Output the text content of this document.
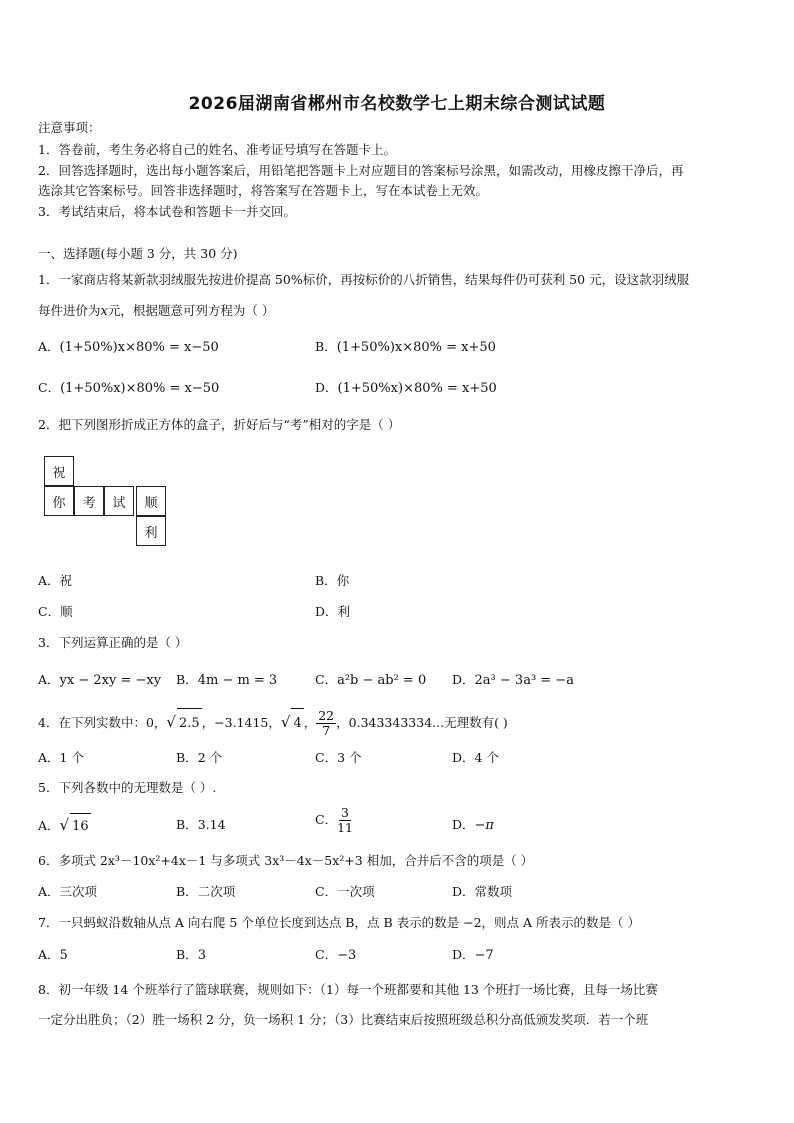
2026届湖南省郴州市名校数学七上期末综合测试试题
注意事项：
1．答卷前，考生务必将自己的姓名、准考证号填写在答题卡上。
2．回答选择题时，选出每小题答案后，用铅笔把答题卡上对应题目的答案标号涂黑，如需改动，用橡皮擦干净后，再
选涂其它答案标号。回答非选择题时，将答案写在答题卡上，写在本试卷上无效。
3．考试结束后，将本试卷和答题卡一并交回。
一、选择题(每小题 3 分，共 30 分)
1．一家商店将某新款羽绒服先按进价提高 50%标价，再按标价的八折销售，结果每件仍可获利 50 元，设这款羽绒服
每件进价为x元，根据题意可列方程为（ ）
A．(1+50%)x×80% = x−50	B．(1+50%)x×80% = x+50
C．(1+50%x)×80% = x−50	D．(1+50%x)×80% = x+50
2．把下列图形折成正方体的盒子，折好后与“考”相对的字是（ ）
祝
你	考	试	顺
利
A．祝	B．你
C．顺	D．利
3．下列运算正确的是（ ）
A．yx − 2xy = −xy B．4m − m = 3	C．a²b − ab² = 0 D．2a³ − 3a³ = −a
4．在下列实数中：0，√ 2.5 ，−3.1415，√ 4 ， $\frac{22}{7}$ ，0.343343334...无理数有( )
A．1 个	B．2 个	C．3 个	D．4 个
5．下列各数中的无理数是（ ）.
A．√ 16	B．3.14	C． $\frac{3}{11}$	D．−π
6．多项式 2x³－10x²+4x－1 与多项式 3x³－4x－5x²+3 相加，合并后不含的项是（ ）
A．三次项	B．二次项	C．一次项	D．常数项
7．一只蚂蚁沿数轴从点 A 向右爬 5 个单位长度到达点 B，点 B 表示的数是 −2，则点 A 所表示的数是（ ）
A．5	B．3	C．−3	D．−7
8．初一年级 14 个班举行了篮球联赛，规则如下：（1）每一个班都要和其他 13 个班打一场比赛，且每一场比赛
一定分出胜负；（2）胜一场积 2 分，负一场积 1 分；（3）比赛结束后按照班级总积分高低颁发奖项．若一个班
